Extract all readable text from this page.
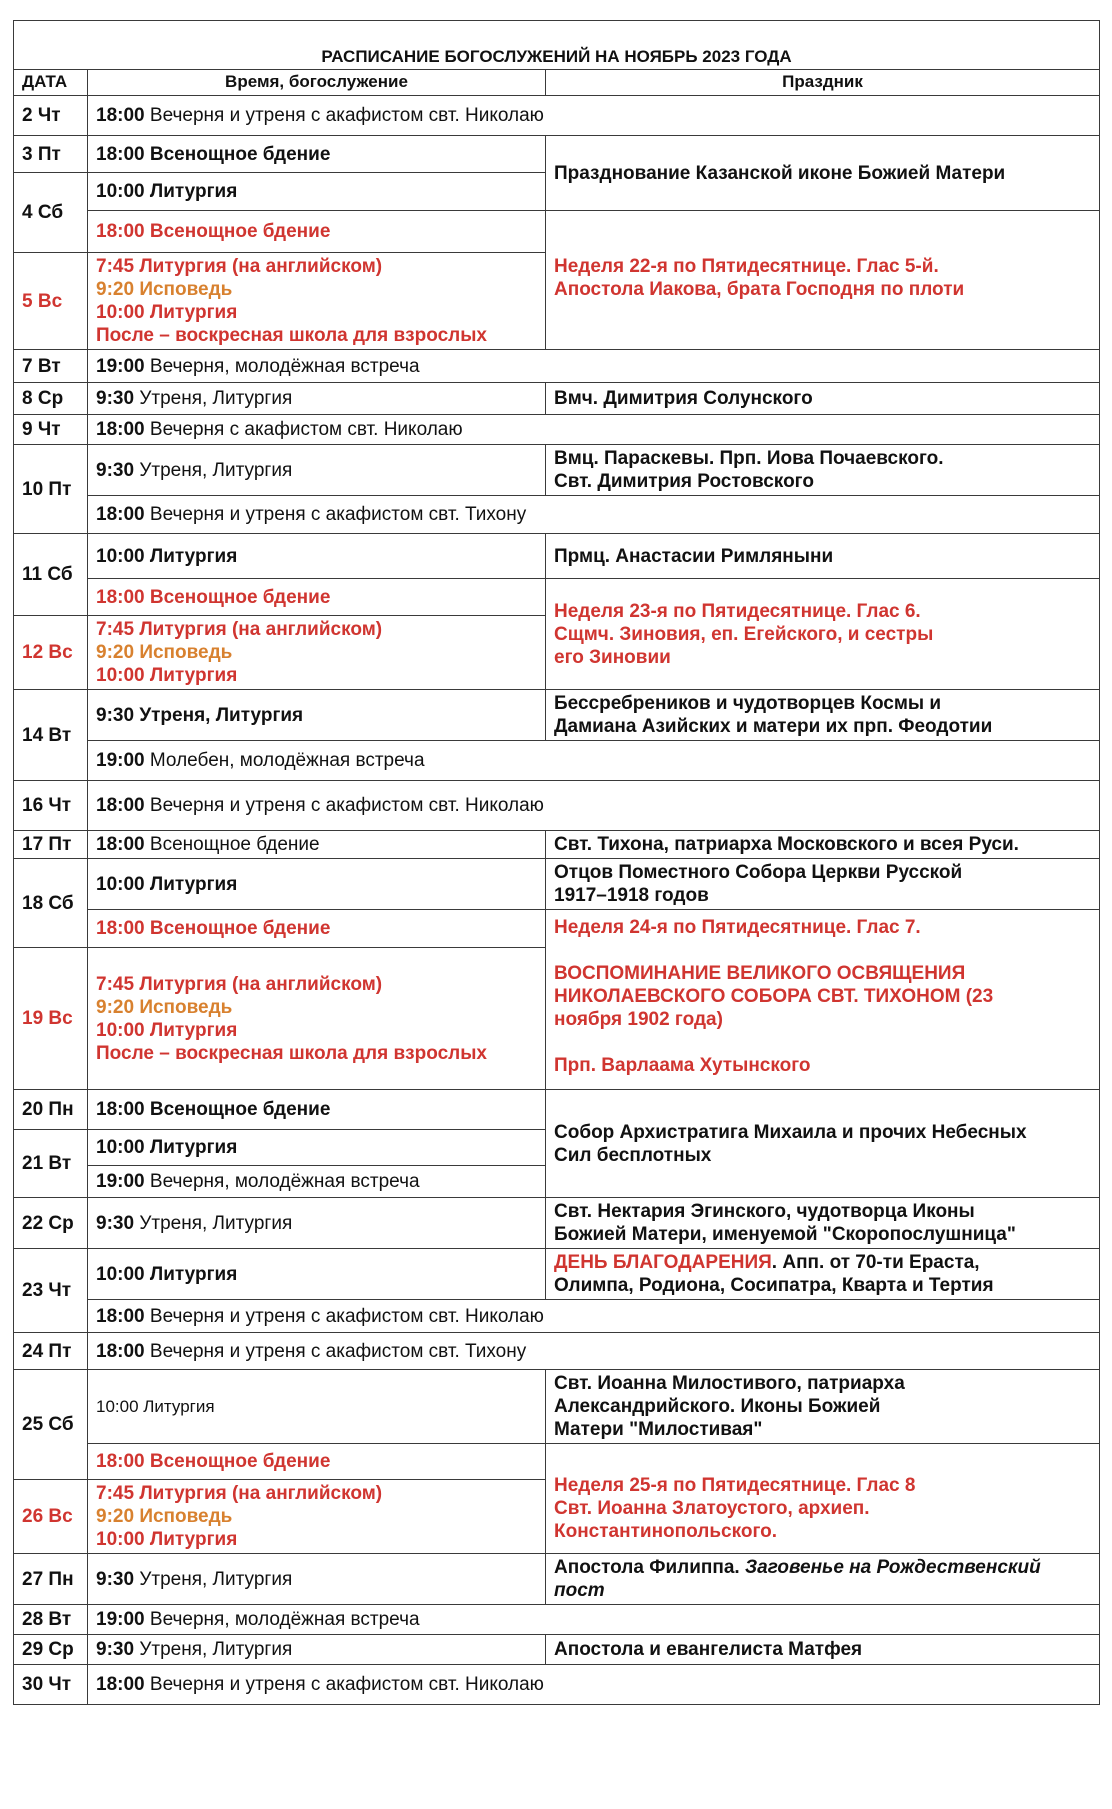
РАСПИСАНИЕ БОГОСЛУЖЕНИЙ НА НОЯБРЬ 2023 ГОДА		
ДАТА	Время, богослужение	Праздник
2 Чт	18:00 Вечерня и утреня с акафистом свт. Николаю	
3 Пт	18:00 Всенощное бдение	Празднование Казанской иконе Божией Матери
4 Сб	10:00 Литургия	
	18:00 Всенощное бдение	Неделя 22-я по Пятидесятнице. Глас 5-й.
Апостола Иакова, брата Господня по плоти

5 Вс	7:45 Литургия (на английском)
9:20 Исповедь
10:00 Литургия
После – воскресная школа для взрослых	

7 Вт	19:00 Вечерня, молодёжная встреча	
8 Ср	9:30 Утреня, Литургия	Вмч. Димитрия Солунского
9 Чт	18:00 Вечерня с акафистом свт. Николаю	
10 Пт	9:30 Утреня, Литургия	Вмц. Параскевы. Прп. Иова Почаевского.
Свт. Димитрия Ростовского

	18:00 Вечерня и утреня с акафистом свт. Тихону	
11 Сб	10:00 Литургия	Прмц. Анастасии Римляныни
	18:00 Всенощное бдение	Неделя 23-я по Пятидесятнице. Глас 6.
Сщмч. Зиновия, еп. Егейского, и сестры
его Зиновии

12 Вс	7:45 Литургия (на английском)
9:20 Исповедь
10:00 Литургия	

14 Вт	9:30 Утреня, Литургия	Бессребреников и чудотворцев Космы и
Дамиана Азийских и матери их прп. Феодотии

	19:00 Молебен, молодёжная встреча	
16 Чт	18:00 Вечерня и утреня с акафистом свт. Николаю	
17 Пт	18:00 Всенощное бдение	Свт. Тихона, патриарха Московского и всея Руси.
18 Сб	10:00 Литургия	Отцов Поместного Собора Церкви Русской
1917–1918 годов

	18:00 Всенощное бдение	Неделя 24-я по Пятидесятнице. Глас 7.
ВОСПОМИНАНИЕ ВЕЛИКОГО ОСВЯЩЕНИЯ
НИКОЛАЕВСКОГО СОБОРА СВТ. ТИХОНОМ (23
ноября 1902 года)
Прп. Варлаама Хутынского

19 Вс	7:45 Литургия (на английском)
9:20 Исповедь
10:00 Литургия
После – воскресная школа для взрослых	

20 Пн	18:00 Всенощное бдение	Собор Архистратига Михаила и прочих Небесных
Сил бесплотных

21 Вт	10:00 Литургия	
	19:00 Вечерня, молодёжная встреча	
22 Ср	9:30 Утреня, Литургия	Свт. Нектария Эгинского, чудотворца Иконы
Божией Матери, именуемой "Скоропослушница"

23 Чт	10:00 Литургия	ДЕНЬ БЛАГОДАРЕНИЯ. Апп. от 70-ти Ераста,
Олимпа, Родиона, Сосипатра, Кварта и Тертия

	18:00 Вечерня и утреня с акафистом свт. Николаю	
24 Пт	18:00 Вечерня и утреня с акафистом свт. Тихону	
25 Сб	10:00 Литургия	Свт. Иоанна Милостивого, патриарха
Александрийского. Иконы Божией
Матери "Милостивая"

	18:00 Всенощное бдение	Неделя 25-я по Пятидесятнице. Глас 8
Свт. Иоанна Златоустого, архиеп.
Константинопольского.

26 Вс	7:45 Литургия (на английском)
9:20 Исповедь
10:00 Литургия	

27 Пн	9:30 Утреня, Литургия	Апостола Филиппа. Заговенье на Рождественский
пост

28 Вт	19:00 Вечерня, молодёжная встреча	
29 Ср	9:30 Утреня, Литургия	Апостола и евангелиста Матфея
30 Чт	18:00 Вечерня и утреня с акафистом свт. Николаю	
